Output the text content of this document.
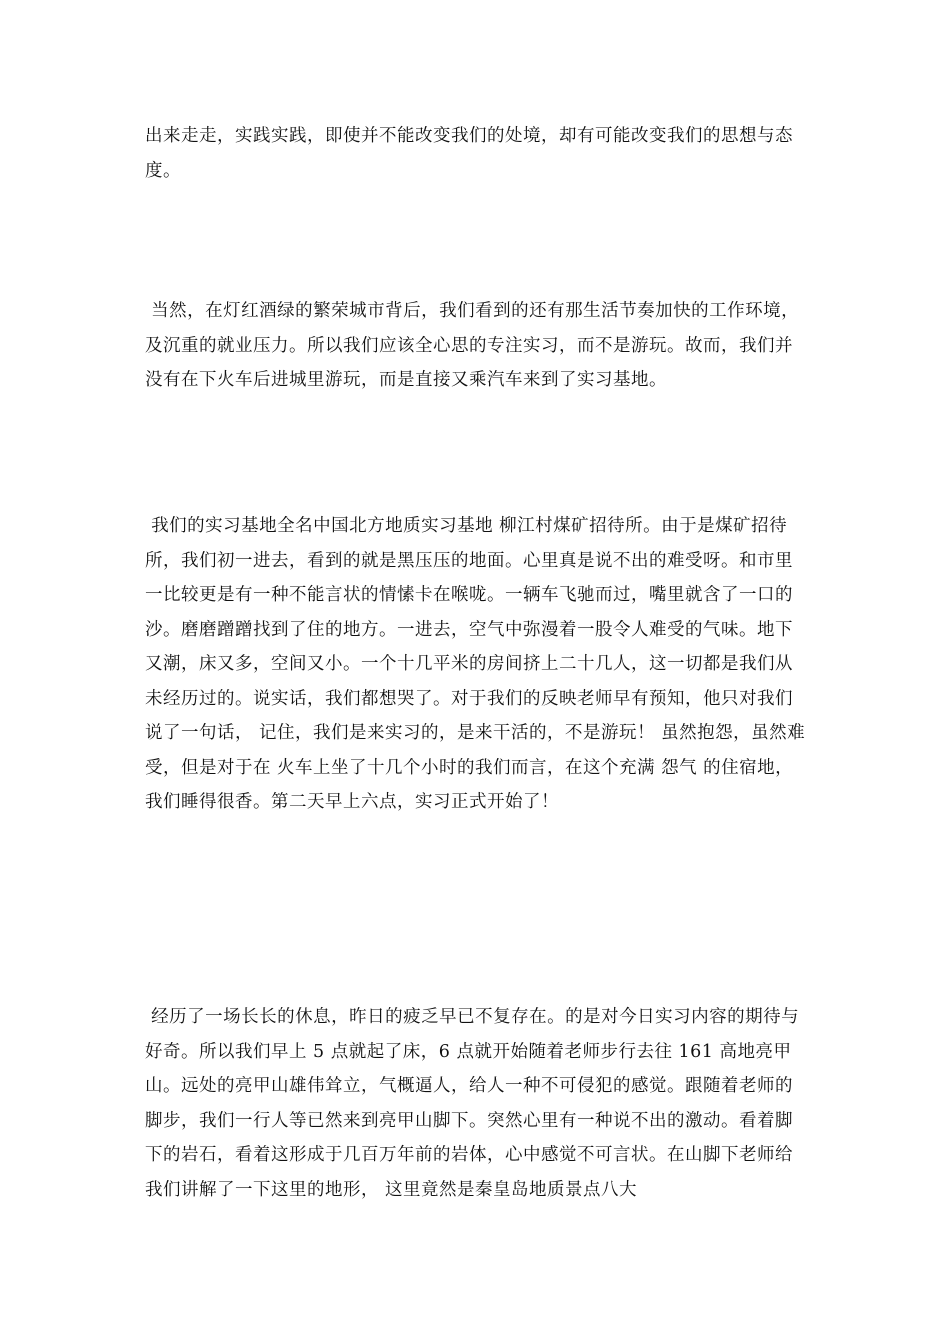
出来走走，实践实践，即使并不能改变我们的处境，却有可能改变我们的思想与态度。

当然，在灯红酒绿的繁荣城市背后，我们看到的还有那生活节奏加快的工作环境，及沉重的就业压力。所以我们应该全心思的专注实习，而不是游玩。故而，我们并没有在下火车后进城里游玩，而是直接又乘汽车来到了实习基地。

我们的实习基地全名中国北方地质实习基地 柳江村煤矿招待所。由于是煤矿招待所，我们初一进去，看到的就是黑压压的地面。心里真是说不出的难受呀。和市里一比较更是有一种不能言状的情愫卡在喉咙。一辆车飞驰而过，嘴里就含了一口的沙。磨磨蹭蹭找到了住的地方。一进去，空气中弥漫着一股令人难受的气味。地下又潮，床又多，空间又小。一个十几平米的房间挤上二十几人，这一切都是我们从未经历过的。说实话，我们都想哭了。对于我们的反映老师早有预知，他只对我们说了一句话， 记住，我们是来实习的，是来干活的，不是游玩！ 虽然抱怨，虽然难受，但是对于在 火车上坐了十几个小时的我们而言，在这个充满 怨气 的住宿地，我们睡得很香。第二天早上六点，实习正式开始了！

经历了一场长长的休息，昨日的疲乏早已不复存在。的是对今日实习内容的期待与好奇。所以我们早上 5 点就起了床，6 点就开始随着老师步行去往 161 高地亮甲山。远处的亮甲山雄伟耸立，气概逼人，给人一种不可侵犯的感觉。跟随着老师的脚步，我们一行人等已然来到亮甲山脚下。突然心里有一种说不出的激动。看着脚下的岩石，看着这形成于几百万年前的岩体，心中感觉不可言状。在山脚下老师给我们讲解了一下这里的地形， 这里竟然是秦皇岛地质景点八大
